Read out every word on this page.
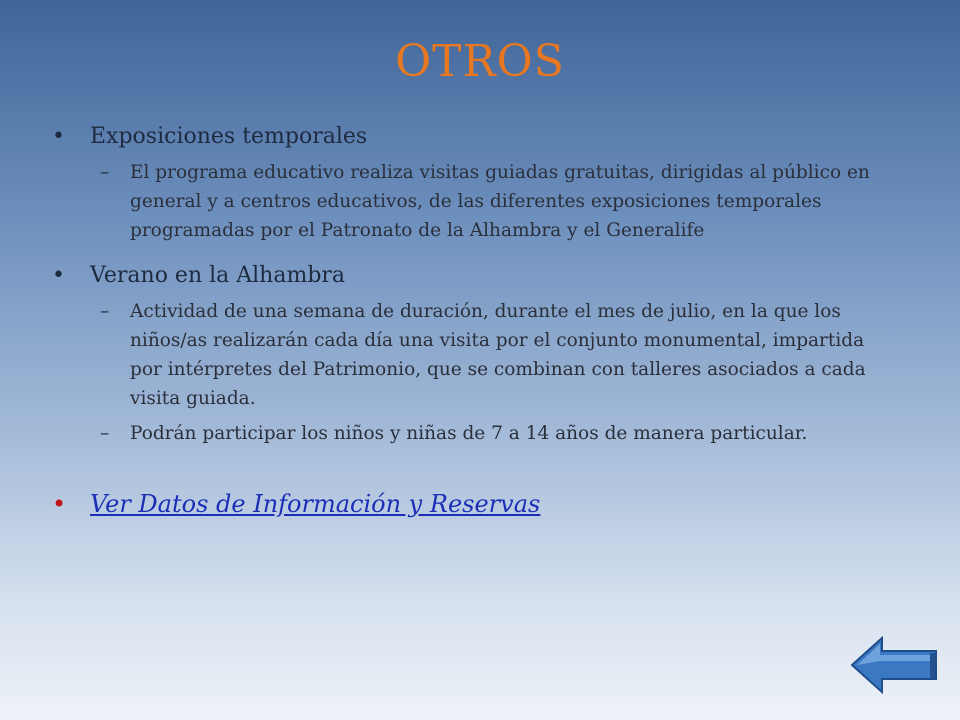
OTROS
• Exposiciones temporales
– El programa educativo realiza visitas guiadas gratuitas, dirigidas al público en general y a centros educativos, de las diferentes exposiciones temporales programadas por el Patronato de la Alhambra y el Generalife
• Verano en la Alhambra
– Actividad de una semana de duración, durante el mes de julio, en la que los niños/as realizarán cada día una visita por el conjunto monumental, impartida por intérpretes del Patrimonio, que se combinan con talleres asociados a cada visita guiada.
– Podrán participar los niños y niñas de 7 a 14 años de manera particular.
• Ver Datos de Información y Reservas
